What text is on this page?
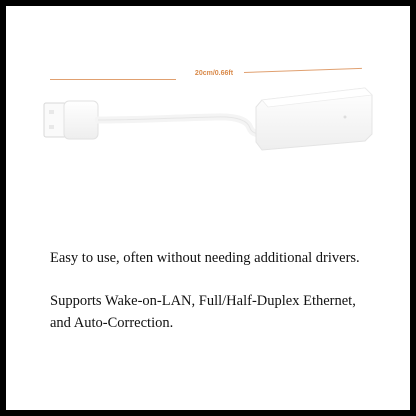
20cm/0.66ft
Easy to use, often without needing additional drivers.
Supports Wake-on-LAN, Full/Half-Duplex Ethernet,
and Auto-Correction.
